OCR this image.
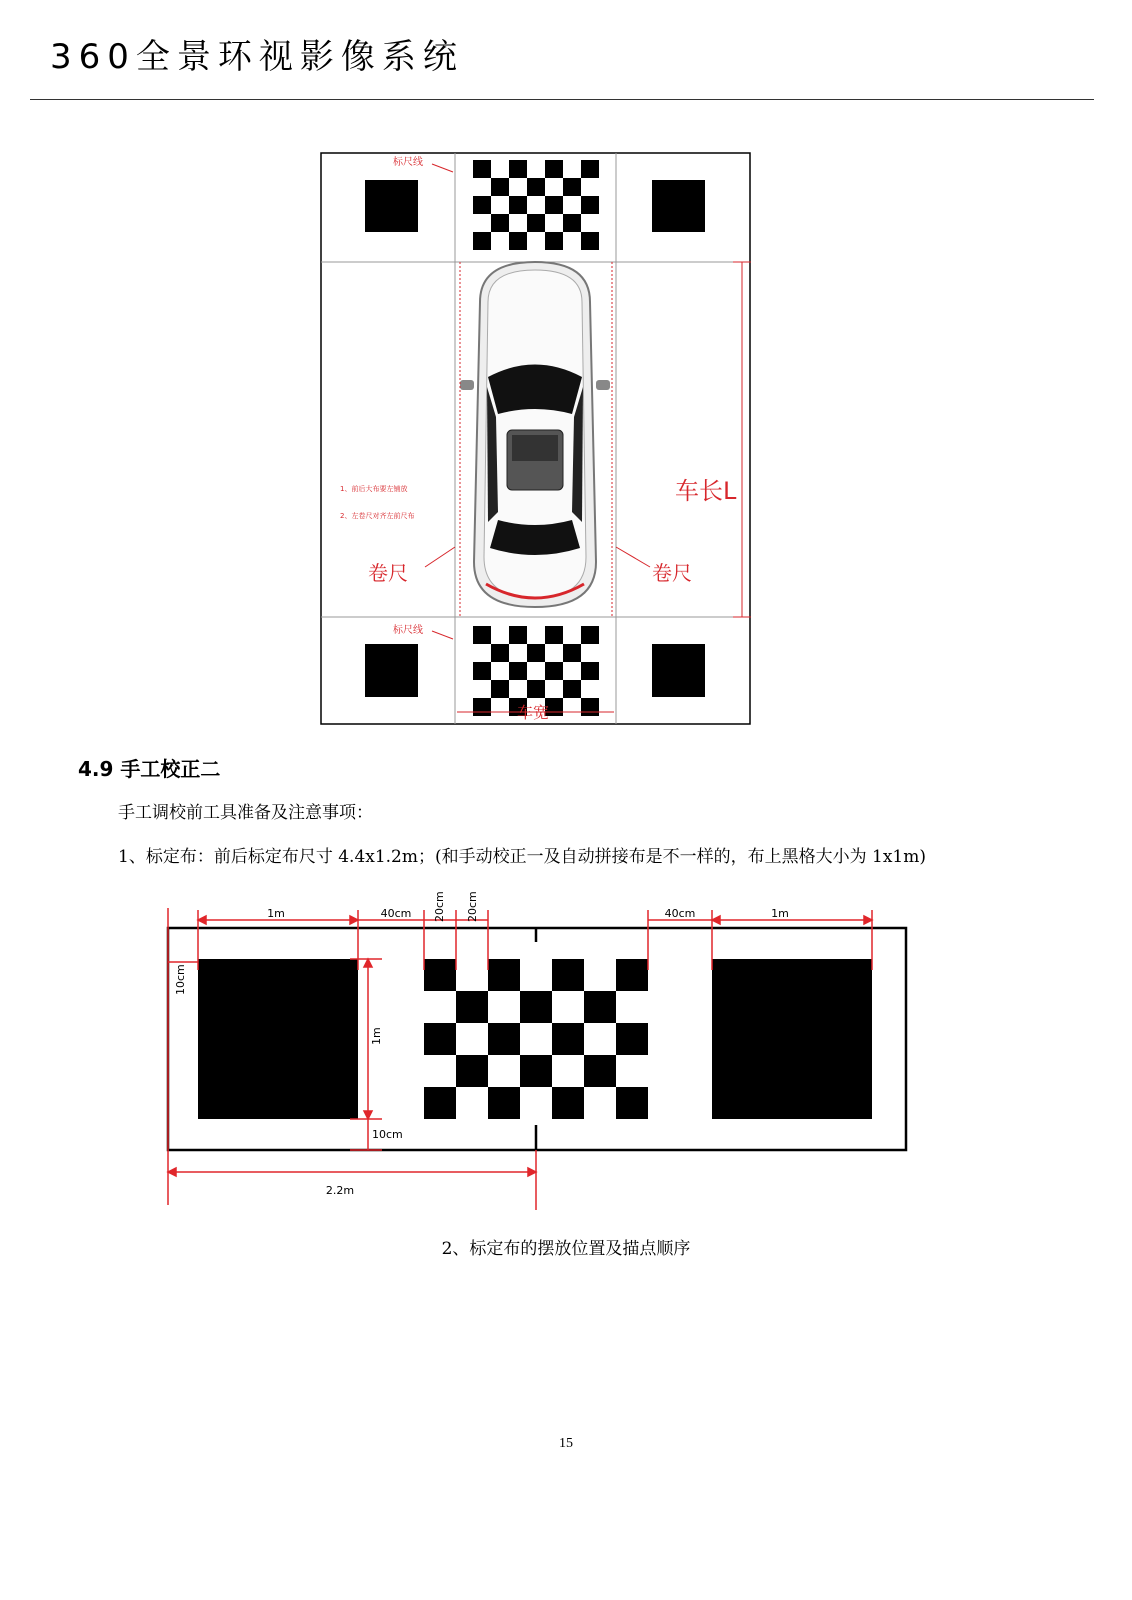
360全景环视影像系统
标尺线
标尺线
车长L
卷尺	卷尺
车宽
1、前后大布要左铺放
2、左卷尺对齐左前尺布
4.9 手工校正二
手工调校前工具准备及注意事项：
1、标定布：前后标定布尺寸 4.4x1.2m；(和手动校正一及自动拼接布是不一样的，布上黑格大小为 1x1m)
1m	40cm 20cm 20cm	40cm	1m
10cm
1m
10cm
2.2m
2、标定布的摆放位置及描点顺序
15
